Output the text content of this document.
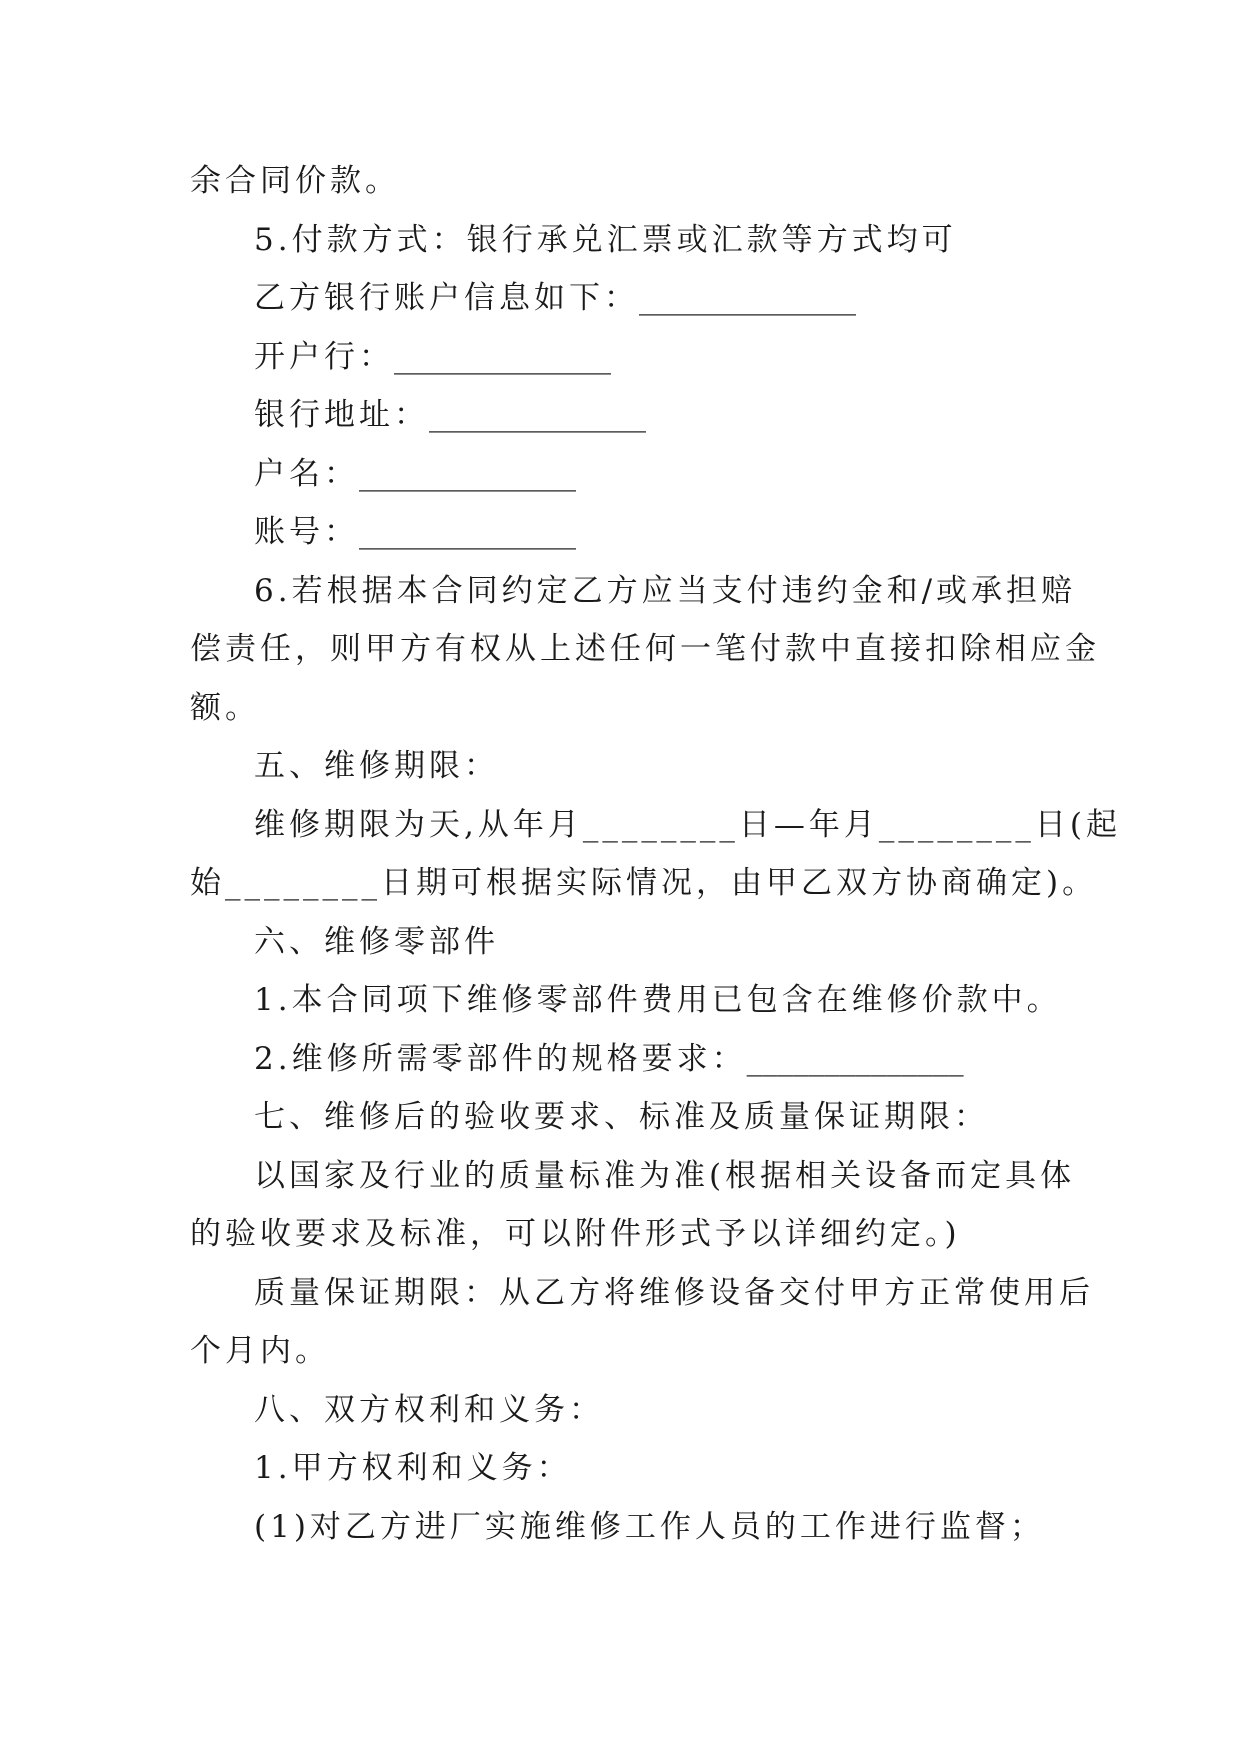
余合同价款。

5.付款方式：银行承兑汇票或汇款等方式均可

乙方银行账户信息如下：______________

开户行：______________

银行地址：______________

户名：______________

账号：______________

6.若根据本合同约定乙方应当支付违约金和/或承担赔

偿责任，则甲方有权从上述任何一笔付款中直接扣除相应金

额。

五、维修期限：

维修期限为天,从年月________日—年月________日(起

始________日期可根据实际情况，由甲乙双方协商确定)。

六、维修零部件

1.本合同项下维修零部件费用已包含在维修价款中。

2.维修所需零部件的规格要求：______________

七、维修后的验收要求、标准及质量保证期限：

以国家及行业的质量标准为准(根据相关设备而定具体

的验收要求及标准，可以附件形式予以详细约定。)

质量保证期限：从乙方将维修设备交付甲方正常使用后

个月内。

八、双方权利和义务：

1.甲方权利和义务：

(1)对乙方进厂实施维修工作人员的工作进行监督；
